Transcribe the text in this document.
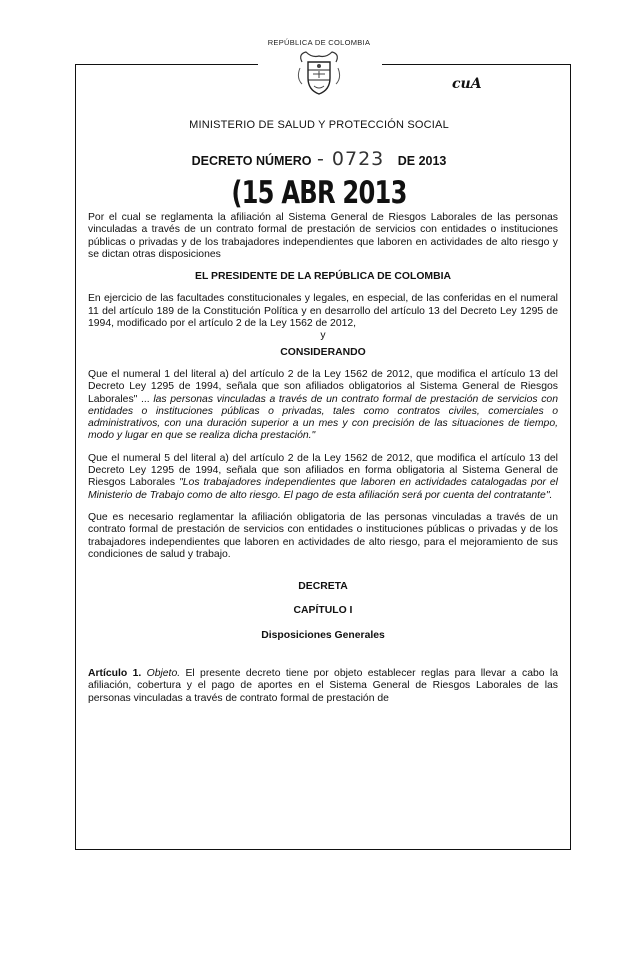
REPÚBLICA DE COLOMBIA
cuA
MINISTERIO DE SALUD Y PROTECCIÓN SOCIAL
DECRETO NÚMERO - 0723 DE 2013
(15 ABR 2013

Por el cual se reglamenta la afiliación al Sistema General de Riesgos Laborales de las personas vinculadas a través de un contrato formal de prestación de servicios con entidades o instituciones públicas o privadas y de los trabajadores independientes que laboren en actividades de alto riesgo y se dictan otras disposiciones

EL PRESIDENTE DE LA REPÚBLICA DE COLOMBIA

En ejercicio de las facultades constitucionales y legales, en especial, de las conferidas en el numeral 11 del artículo 189 de la Constitución Política y en desarrollo del artículo 13 del Decreto Ley 1295 de 1994, modificado por el artículo 2 de la Ley 1562 de 2012,

y

CONSIDERANDO

Que el numeral 1 del literal a) del artículo 2 de la Ley 1562 de 2012, que modifica el artículo 13 del Decreto Ley 1295 de 1994, señala que son afiliados obligatorios al Sistema General de Riesgos Laborales" ... las personas vinculadas a través de un contrato formal de prestación de servicios con entidades o instituciones públicas o privadas, tales como contratos civiles, comerciales o administrativos, con una duración superior a un mes y con precisión de las situaciones de tiempo, modo y lugar en que se realiza dicha prestación."

Que el numeral 5 del literal a) del artículo 2 de la Ley 1562 de 2012, que modifica el artículo 13 del Decreto Ley 1295 de 1994, señala que son afiliados en forma obligatoria al Sistema General de Riesgos Laborales "Los trabajadores independientes que laboren en actividades catalogadas por el Ministerio de Trabajo como de alto riesgo. El pago de esta afiliación será por cuenta del contratante".

Que es necesario reglamentar la afiliación obligatoria de las personas vinculadas a través de un contrato formal de prestación de servicios con entidades o instituciones públicas o privadas y de los trabajadores independientes que laboren en actividades de alto riesgo, para el mejoramiento de sus condiciones de salud y trabajo.

DECRETA

CAPÍTULO I

Disposiciones Generales

Artículo 1. Objeto. El presente decreto tiene por objeto establecer reglas para llevar a cabo la afiliación, cobertura y el pago de aportes en el Sistema General de Riesgos Laborales de las personas vinculadas a través de contrato formal de prestación de
